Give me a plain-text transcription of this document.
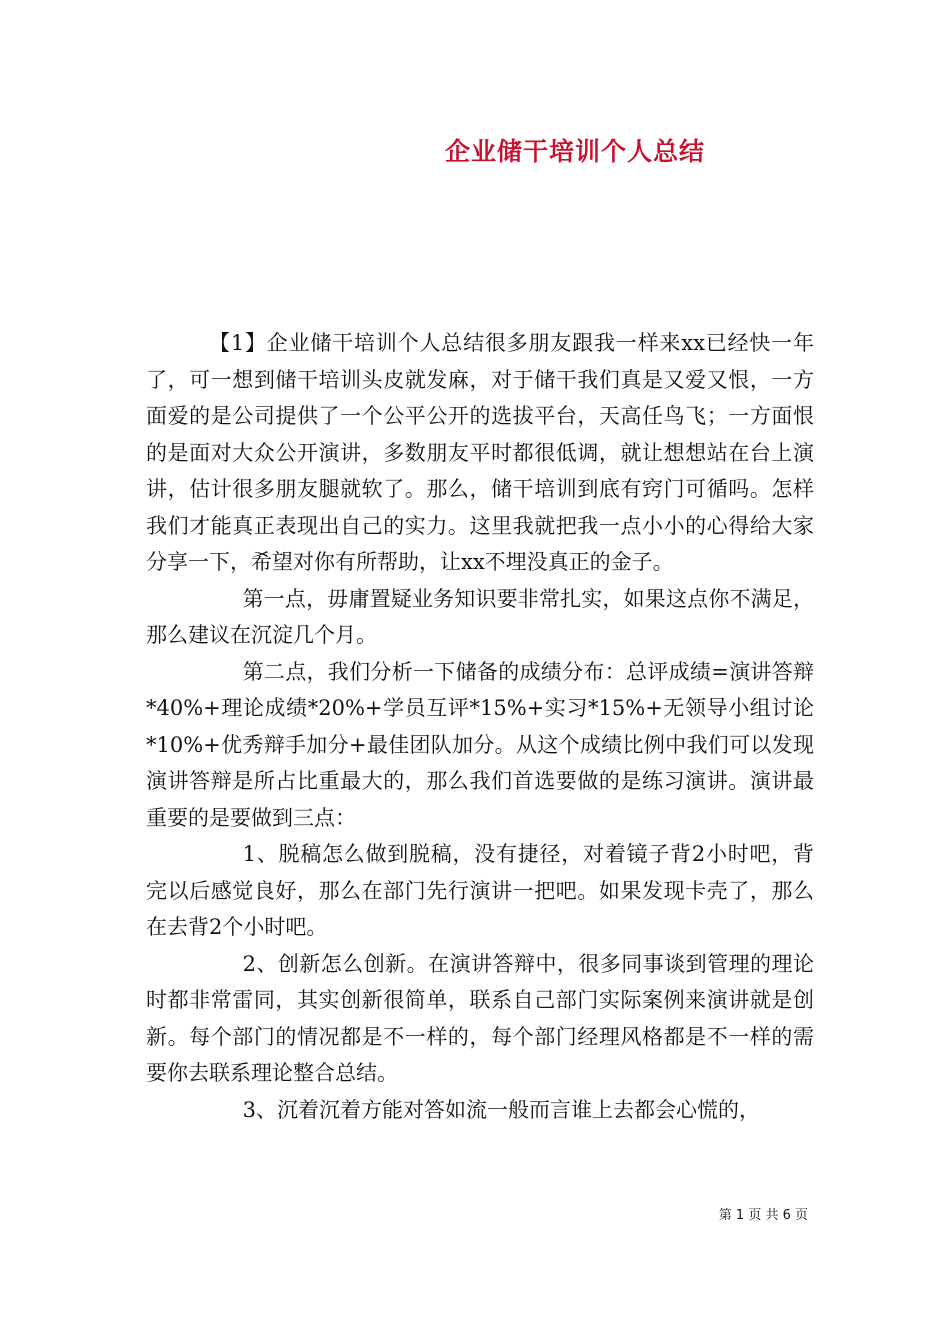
企业储干培训个人总结

【1】企业储干培训个人总结很多朋友跟我一样来xx已经快一年了，可一想到储干培训头皮就发麻，对于储干我们真是又爱又恨，一方面爱的是公司提供了一个公平公开的选拔平台，天高任鸟飞；一方面恨的是面对大众公开演讲，多数朋友平时都很低调，就让想想站在台上演讲，估计很多朋友腿就软了。那么，储干培训到底有窍门可循吗。怎样我们才能真正表现出自己的实力。这里我就把我一点小小的心得给大家分享一下，希望对你有所帮助，让xx不埋没真正的金子。

第一点，毋庸置疑业务知识要非常扎实，如果这点你不满足，那么建议在沉淀几个月。

第二点，我们分析一下储备的成绩分布：总评成绩=演讲答辩*40%+理论成绩*20%+学员互评*15%+实习*15%+无领导小组讨论*10%+优秀辩手加分+最佳团队加分。从这个成绩比例中我们可以发现演讲答辩是所占比重最大的，那么我们首选要做的是练习演讲。演讲最重要的是要做到三点：

1、脱稿怎么做到脱稿，没有捷径，对着镜子背2小时吧，背完以后感觉良好，那么在部门先行演讲一把吧。如果发现卡壳了，那么在去背2个小时吧。

2、创新怎么创新。在演讲答辩中，很多同事谈到管理的理论时都非常雷同，其实创新很简单，联系自己部门实际案例来演讲就是创新。每个部门的情况都是不一样的，每个部门经理风格都是不一样的需要你去联系理论整合总结。

3、沉着沉着方能对答如流一般而言谁上去都会心慌的，

第 1 页 共 6 页
